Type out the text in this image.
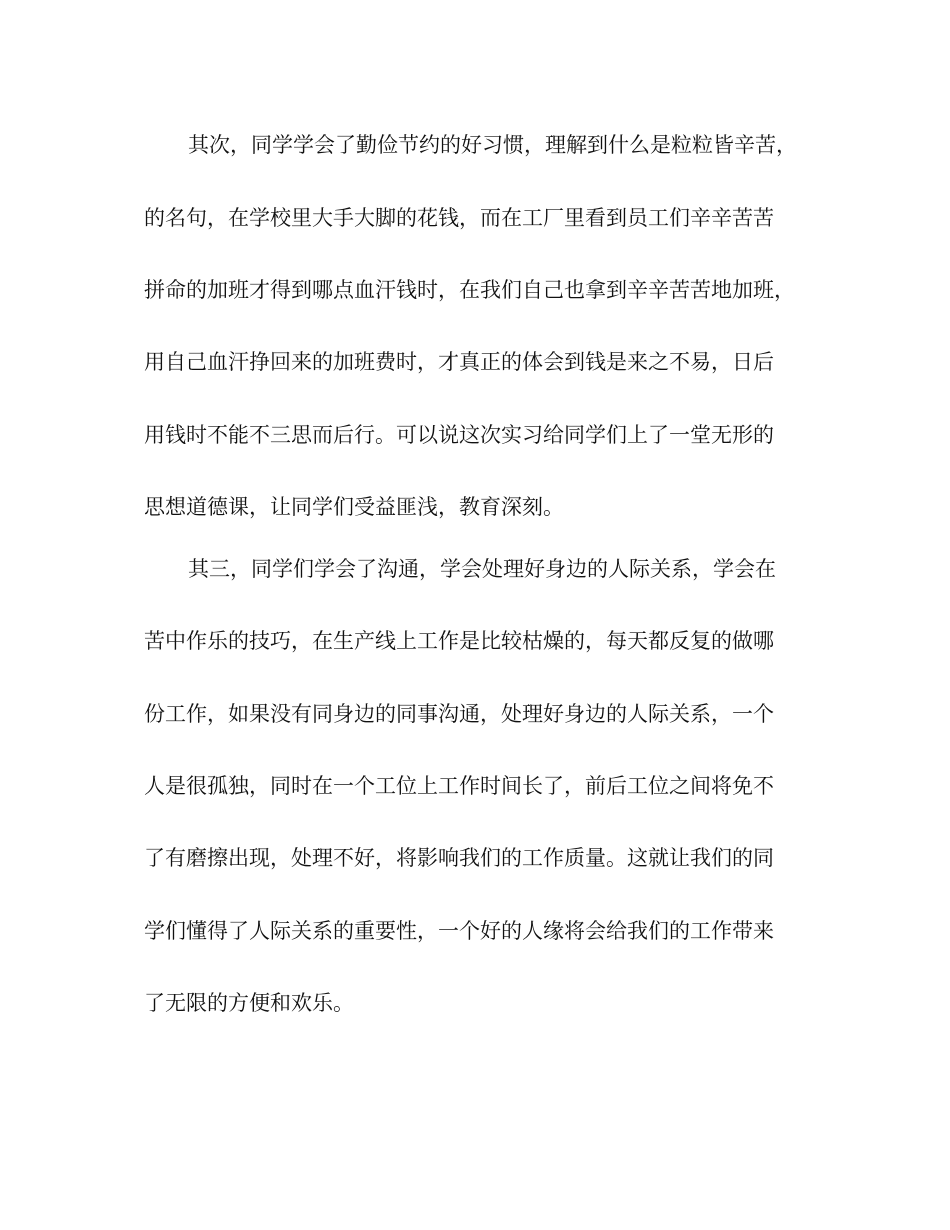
其次，同学学会了勤俭节约的好习惯，理解到什么是粒粒皆辛苦，
的名句，在学校里大手大脚的花钱，而在工厂里看到员工们辛辛苦苦
拼命的加班才得到哪点血汗钱时，在我们自己也拿到辛辛苦苦地加班，
用自己血汗挣回来的加班费时，才真正的体会到钱是来之不易，日后
用钱时不能不三思而后行。可以说这次实习给同学们上了一堂无形的
思想道德课，让同学们受益匪浅，教育深刻。
其三，同学们学会了沟通，学会处理好身边的人际关系，学会在
苦中作乐的技巧，在生产线上工作是比较枯燥的，每天都反复的做哪
份工作，如果没有同身边的同事沟通，处理好身边的人际关系，一个
人是很孤独，同时在一个工位上工作时间长了，前后工位之间将免不
了有磨擦出现，处理不好，将影响我们的工作质量。这就让我们的同
学们懂得了人际关系的重要性，一个好的人缘将会给我们的工作带来
了无限的方便和欢乐。
